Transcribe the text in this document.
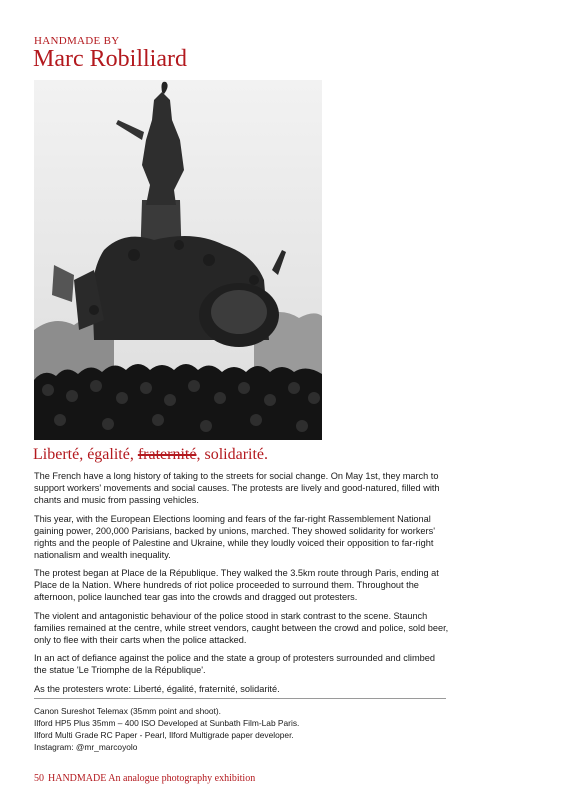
HANDMADE BY
Marc Robilliard
Liberté, égalité, fraternité, solidarité.

The French have a long history of taking to the streets for social change. On May 1st, they march to support workers' movements and social causes. The protests are lively and good-natured, filled with chants and music from passing vehicles.

This year, with the European Elections looming and fears of the far-right Rassemblement National gaining power, 200,000 Parisians, backed by unions, marched. They showed solidarity for workers' rights and the people of Palestine and Ukraine, while they loudly voiced their opposition to far-right nationalism and wealth inequality.

The protest began at Place de la République. They walked the 3.5km route through Paris, ending at Place de la Nation. Where hundreds of riot police proceeded to surround them. Throughout the afternoon, police launched tear gas into the crowds and dragged out protesters.

The violent and antagonistic behaviour of the police stood in stark contrast to the scene. Staunch families remained at the centre, while street vendors, caught between the crowd and police, sold beer, only to flee with their carts when the police attacked.

In an act of defiance against the police and the state a group of protesters surrounded and climbed the statue 'Le Triomphe de la République'.

As the protesters wrote: Liberté, égalité, fraternité, solidarité.

Canon Sureshot Telemax (35mm point and shoot).
Ilford HP5 Plus 35mm – 400 ISO Developed at Sunbath Film-Lab Paris.
Ilford Multi Grade RC Paper - Pearl, Ilford Multigrade paper developer.
Instagram: @mr_marcoyolo
50 HANDMADE An analogue photography exhibition
